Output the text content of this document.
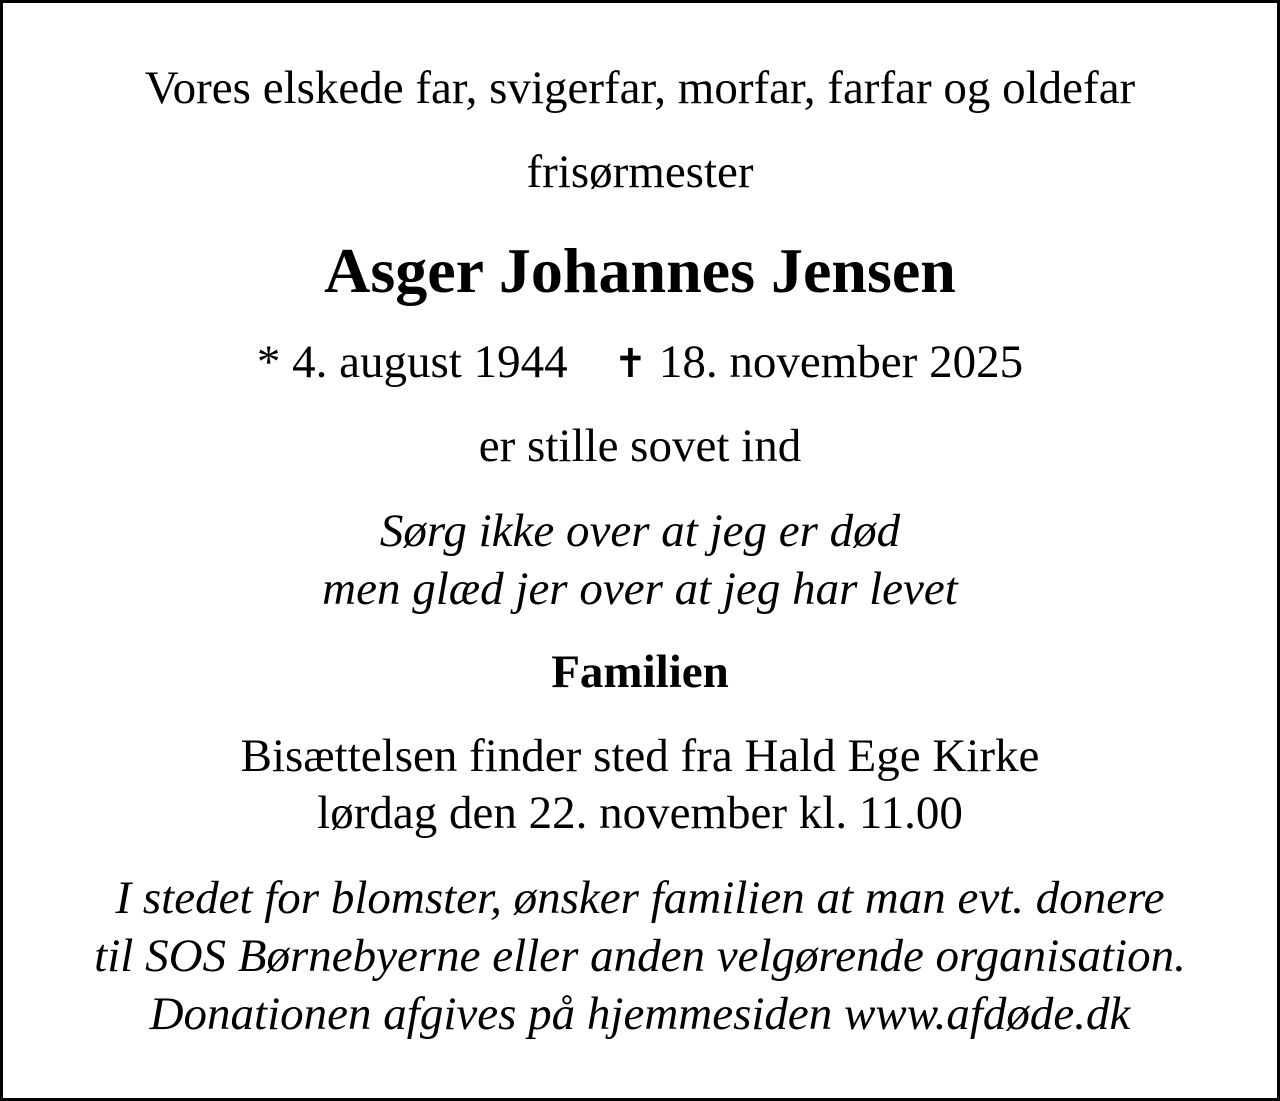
Vores elskede far, svigerfar, morfar, farfar og oldefar
frisørmester
Asger Johannes Jensen
* 4. august 1944 ✝ 18. november 2025
er stille sovet ind
Sørg ikke over at jeg er død
men glæd jer over at jeg har levet
Familien
Bisættelsen finder sted fra Hald Ege Kirke
lørdag den 22. november kl. 11.00
I stedet for blomster, ønsker familien at man evt. donere
til SOS Børnebyerne eller anden velgørende organisation.
Donationen afgives på hjemmesiden www.afdøde.dk
